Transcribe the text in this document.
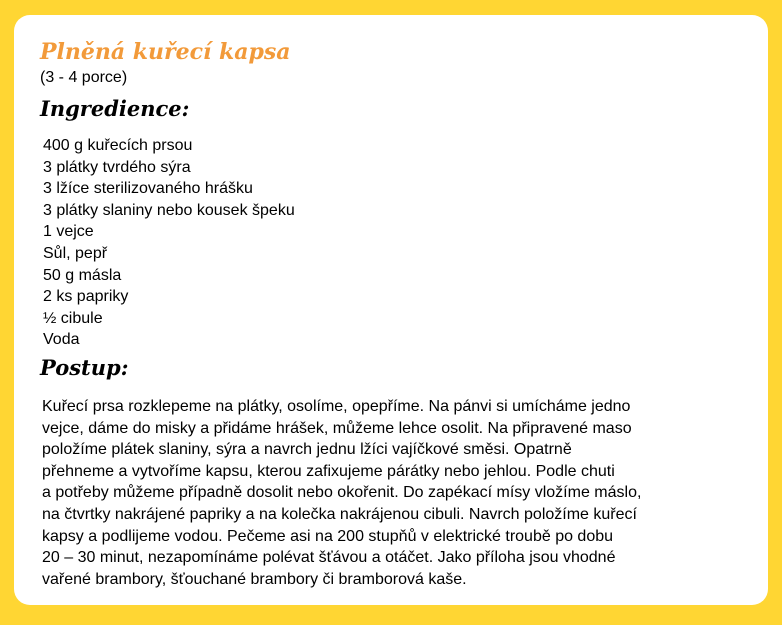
Plněná kuřecí kapsa

(3 - 4 porce)

Ingredience:
400 g kuřecích prsou
3 plátky tvrdého sýra
3 lžíce sterilizovaného hrášku
3 plátky slaniny nebo kousek špeku
1 vejce
Sůl, pepř
50 g másla
2 ks papriky
½ cibule
Voda
Postup:

Kuřecí prsa rozklepeme na plátky, osolíme, opepříme. Na pánvi si umícháme jedno
vejce, dáme do misky a přidáme hrášek, můžeme lehce osolit. Na připravené maso
položíme plátek slaniny, sýra a navrch jednu lžíci vajíčkové směsi. Opatrně
přehneme a vytvoříme kapsu, kterou zafixujeme párátky nebo jehlou. Podle chuti
a potřeby můžeme případně dosolit nebo okořenit. Do zapékací mísy vložíme máslo,
na čtvrtky nakrájené papriky a na kolečka nakrájenou cibuli. Navrch položíme kuřecí
kapsy a podlijeme vodou. Pečeme asi na 200 stupňů v elektrické troubě po dobu
20 – 30 minut, nezapomínáme polévat šťávou a otáčet. Jako příloha jsou vhodné
vařené brambory, šťouchané brambory či bramborová kaše.
